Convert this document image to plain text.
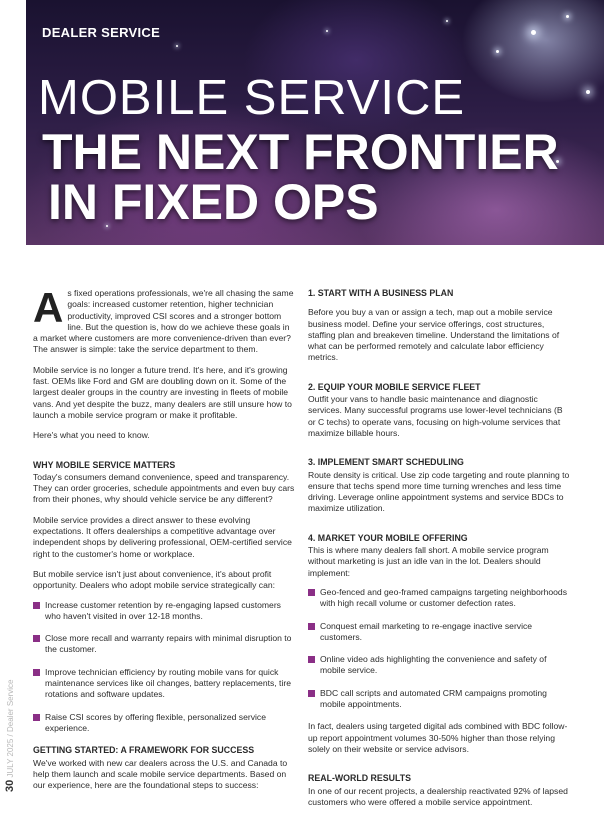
DEALER SERVICE
MOBILE SERVICE
THE NEXT FRONTIER
IN FIXED OPS
30 JULY 2025 / Dealer Service

A s fixed operations professionals, we're all chasing the same goals: increased customer retention, higher technician productivity, improved CSI scores and a stronger bottom line. But the question is, how do we achieve these goals in a market where customers are more convenience-driven than ever? The answer is simple: take the service department to them.

Mobile service is no longer a future trend. It's here, and it's growing fast. OEMs like Ford and GM are doubling down on it. Some of the largest dealer groups in the country are investing in fleets of mobile vans. And yet despite the buzz, many dealers are still unsure how to launch a mobile service program or make it profitable.

Here's what you need to know.

WHY MOBILE SERVICE MATTERS

Today's consumers demand convenience, speed and transparency. They can order groceries, schedule appointments and even buy cars from their phones, why should vehicle service be any different?

Mobile service provides a direct answer to these evolving expectations. It offers dealerships a competitive advantage over independent shops by delivering professional, OEM-certified service right to the customer's home or workplace.

But mobile service isn't just about convenience, it's about profit opportunity. Dealers who adopt mobile service strategically can:

Increase customer retention by re-engaging lapsed customers who haven't visited in over 12-18 months.
Close more recall and warranty repairs with minimal disruption to the customer.
Improve technician efficiency by routing mobile vans for quick maintenance services like oil changes, battery replacements, tire rotations and software updates.
Raise CSI scores by offering flexible, personalized service experience.
GETTING STARTED: A FRAMEWORK FOR SUCCESS

We've worked with new car dealers across the U.S. and Canada to help them launch and scale mobile service departments. Based on our experience, here are the foundational steps to success:

1. START WITH A BUSINESS PLAN

Before you buy a van or assign a tech, map out a mobile service business model. Define your service offerings, cost structures, staffing plan and breakeven timeline. Understand the limitations of what can be performed remotely and calculate labor efficiency metrics.

2. EQUIP YOUR MOBILE SERVICE FLEET

Outfit your vans to handle basic maintenance and diagnostic services. Many successful programs use lower-level technicians (B or C techs) to operate vans, focusing on high-volume services that maximize billable hours.

3. IMPLEMENT SMART SCHEDULING

Route density is critical. Use zip code targeting and route planning to ensure that techs spend more time turning wrenches and less time driving. Leverage online appointment systems and service BDCs to maximize utilization.

4. MARKET YOUR MOBILE OFFERING

This is where many dealers fall short. A mobile service program without marketing is just an idle van in the lot. Dealers should implement:

Geo-fenced and geo-framed campaigns targeting neighborhoods with high recall volume or customer defection rates.
Conquest email marketing to re-engage inactive service customers.
Online video ads highlighting the convenience and safety of mobile service.
BDC call scripts and automated CRM campaigns promoting mobile appointments.

In fact, dealers using targeted digital ads combined with BDC follow-up report appointment volumes 30-50% higher than those relying solely on their website or service advisors.

REAL-WORLD RESULTS

In one of our recent projects, a dealership reactivated 92% of lapsed customers who were offered a mobile service appointment.
